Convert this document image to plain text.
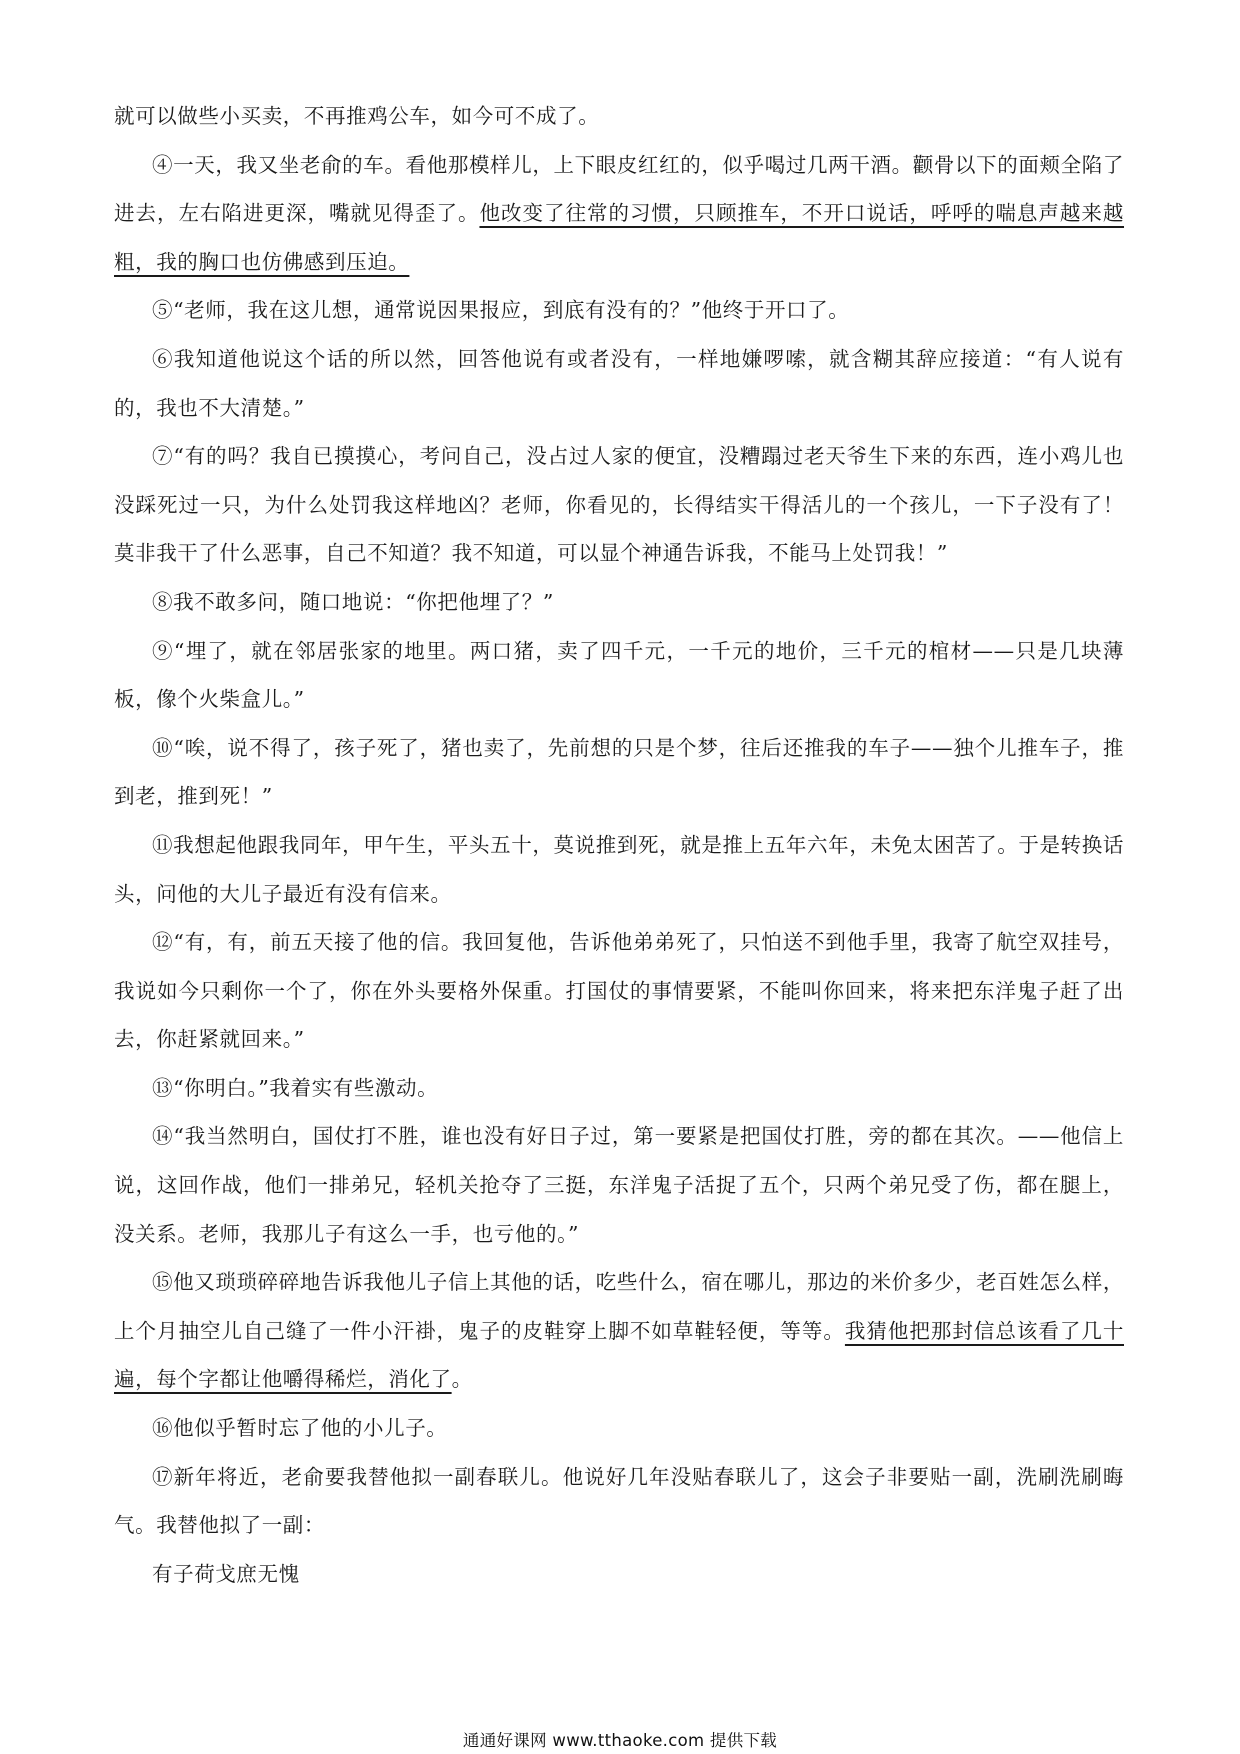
就可以做些小买卖，不再推鸡公车，如今可不成了。

④一天，我又坐老俞的车。看他那模样儿，上下眼皮红红的，似乎喝过几两干酒。颧骨以下的面颊全陷了进去，左右陷进更深，嘴就见得歪了。他改变了往常的习惯，只顾推车，不开口说话，呼呼的喘息声越来越粗，我的胸口也仿佛感到压迫。

⑤“老师，我在这儿想，通常说因果报应，到底有没有的？”他终于开口了。

⑥我知道他说这个话的所以然，回答他说有或者没有，一样地嫌啰嗦，就含糊其辞应接道：“有人说有的，我也不大清楚。”

⑦“有的吗？我自已摸摸心，考问自己，没占过人家的便宜，没糟蹋过老天爷生下来的东西，连小鸡儿也没踩死过一只，为什么处罚我这样地凶？老师，你看见的，长得结实干得活儿的一个孩儿，一下子没有了！莫非我干了什么恶事，自己不知道？我不知道，可以显个神通告诉我，不能马上处罚我！”

⑧我不敢多问，随口地说：“你把他埋了？”

⑨“埋了，就在邻居张家的地里。两口猪，卖了四千元，一千元的地价，三千元的棺材——只是几块薄板，像个火柴盒儿。”

⑩“唉，说不得了，孩子死了，猪也卖了，先前想的只是个梦，往后还推我的车子——独个儿推车子，推到老，推到死！”

⑪我想起他跟我同年，甲午生，平头五十，莫说推到死，就是推上五年六年，未免太困苦了。于是转换话头，问他的大儿子最近有没有信来。

⑫“有，有，前五天接了他的信。我回复他，告诉他弟弟死了，只怕送不到他手里，我寄了航空双挂号，我说如今只剩你一个了，你在外头要格外保重。打国仗的事情要紧，不能叫你回来，将来把东洋鬼子赶了出去，你赶紧就回来。”

⑬“你明白。”我着实有些激动。

⑭“我当然明白，国仗打不胜，谁也没有好日子过，第一要紧是把国仗打胜，旁的都在其次。——他信上说，这回作战，他们一排弟兄，轻机关抢夺了三挺，东洋鬼子活捉了五个，只两个弟兄受了伤，都在腿上，没关系。老师，我那儿子有这么一手，也亏他的。”

⑮他又琐琐碎碎地告诉我他儿子信上其他的话，吃些什么，宿在哪儿，那边的米价多少，老百姓怎么样，上个月抽空儿自己缝了一件小汗褂，鬼子的皮鞋穿上脚不如草鞋轻便，等等。我猜他把那封信总该看了几十遍，每个字都让他嚼得稀烂，消化了。

⑯他似乎暂时忘了他的小儿子。

⑰新年将近，老俞要我替他拟一副春联儿。他说好几年没贴春联儿了，这会子非要贴一副，洗刷洗刷晦气。我替他拟了一副：

有子荷戈庶无愧

通通好课网 www.tthaoke.com 提供下载
